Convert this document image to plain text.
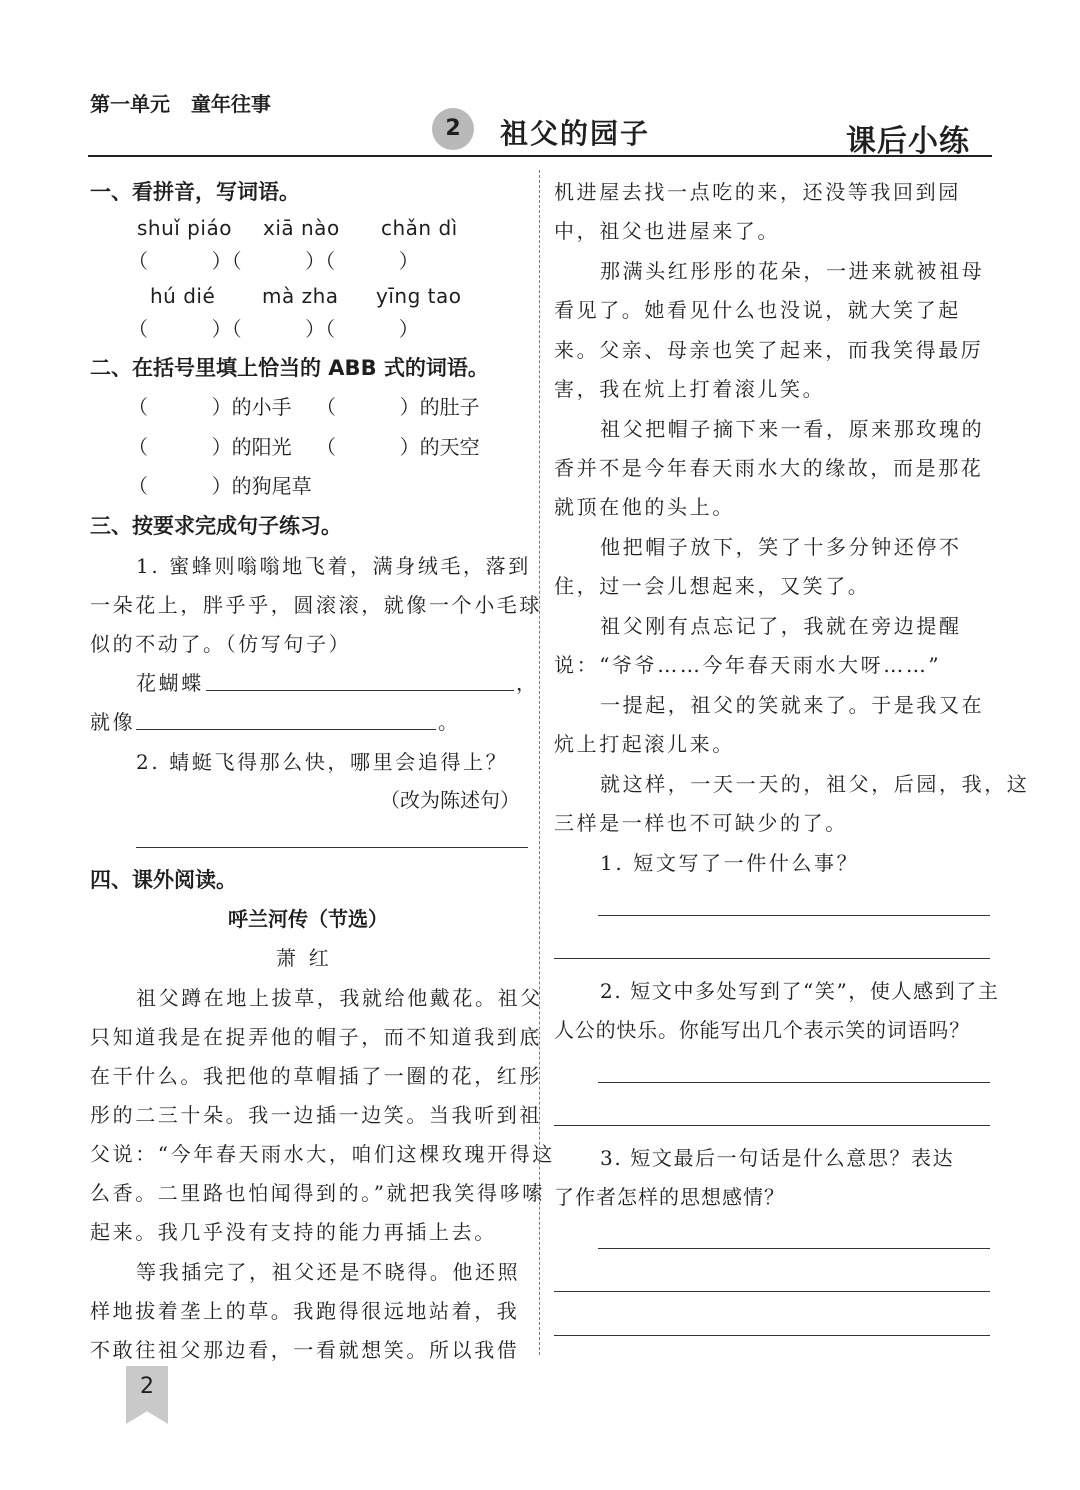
第一单元   童年往事
2	祖父的园子	课后小练
一、看拼音，写词语。
shuǐ piáo xiā nào chǎn dì
（          ）（          ）（          ）
hú dié mà zha yīng tao
（          ）（          ）（          ）
二、在括号里填上恰当的 ABB 式的词语。
（          ）的小手 （          ）的肚子
（          ）的阳光 （          ）的天空
（          ）的狗尾草
三、按要求完成句子练习。
1. 蜜蜂则嗡嗡地飞着，满身绒毛，落到
一朵花上，胖乎乎，圆滚滚，就像一个小毛球
似的不动了。（仿写句子）
花蝴蝶	，
就像	。
2. 蜻蜓飞得那么快，哪里会追得上？
（改为陈述句）
四、课外阅读。
呼兰河传（节选）
萧  红
祖父蹲在地上拔草，我就给他戴花。祖父
只知道我是在捉弄他的帽子，而不知道我到底
在干什么。我把他的草帽插了一圈的花，红彤
彤的二三十朵。我一边插一边笑。当我听到祖
父说：“今年春天雨水大，咱们这棵玫瑰开得这
么香。二里路也怕闻得到的。”就把我笑得哆嗦
起来。我几乎没有支持的能力再插上去。
等我插完了，祖父还是不晓得。他还照
样地拔着垄上的草。我跑得很远地站着，我
不敢往祖父那边看，一看就想笑。所以我借
机进屋去找一点吃的来，还没等我回到园
中，祖父也进屋来了。
那满头红彤彤的花朵，一进来就被祖母
看见了。她看见什么也没说，就大笑了起
来。父亲、母亲也笑了起来，而我笑得最厉
害，我在炕上打着滚儿笑。
祖父把帽子摘下来一看，原来那玫瑰的
香并不是今年春天雨水大的缘故，而是那花
就顶在他的头上。
他把帽子放下，笑了十多分钟还停不
住，过一会儿想起来，又笑了。
祖父刚有点忘记了，我就在旁边提醒
说：“爷爷……今年春天雨水大呀……”
一提起，祖父的笑就来了。于是我又在
炕上打起滚儿来。
就这样，一天一天的，祖父，后园，我，这
三样是一样也不可缺少的了。
1. 短文写了一件什么事？
2. 短文中多处写到了“笑”，使人感到了主
人公的快乐。你能写出几个表示笑的词语吗？
3. 短文最后一句话是什么意思？表达
了作者怎样的思想感情？
2
